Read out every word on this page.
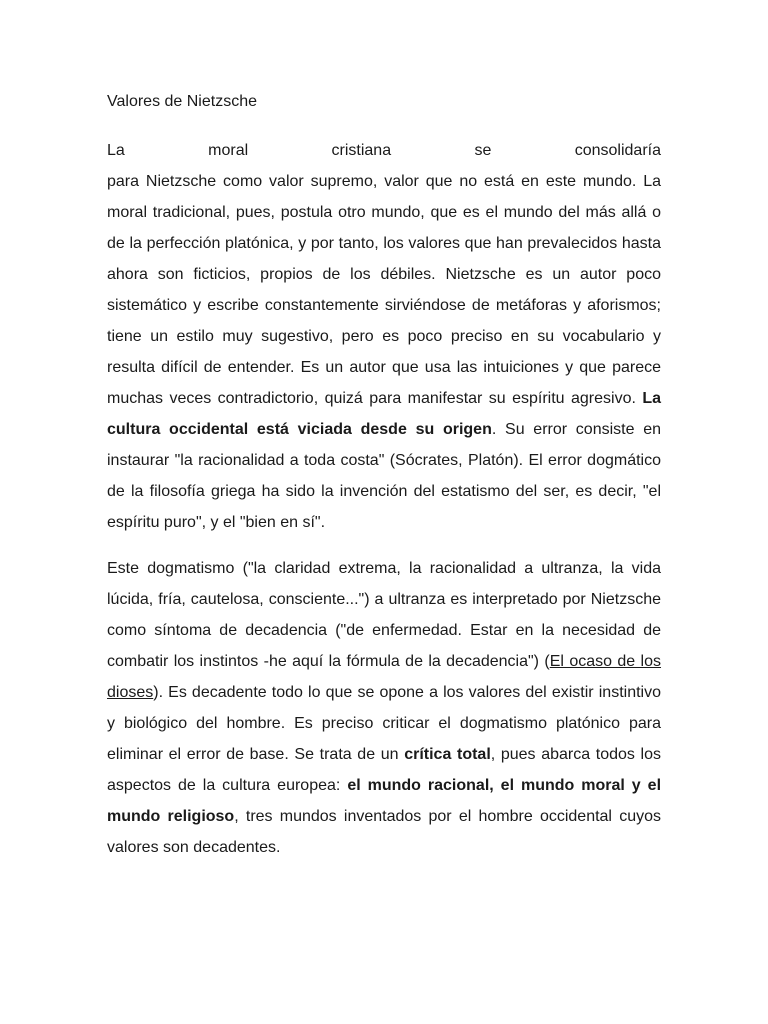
Valores de Nietzsche

La moral cristiana se consolidaría
para Nietzsche como valor supremo, valor que no está en este mundo. La moral tradicional, pues, postula otro mundo, que es el mundo del más allá o de la perfección platónica, y por tanto, los valores que han prevalecidos hasta ahora son ficticios, propios de los débiles. Nietzsche es un autor poco sistemático y escribe constantemente sirviéndose de metáforas y aforismos; tiene un estilo muy sugestivo, pero es poco preciso en su vocabulario y resulta difícil de entender. Es un autor que usa las intuiciones y que parece muchas veces contradictorio, quizá para manifestar su espíritu agresivo. La cultura occidental está viciada desde su origen. Su error consiste en instaurar "la racionalidad a toda costa" (Sócrates, Platón). El error dogmático de la filosofía griega ha sido la invención del estatismo del ser, es decir, "el espíritu puro", y el "bien en sí".

Este dogmatismo ("la claridad extrema, la racionalidad a ultranza, la vida lúcida, fría, cautelosa, consciente...") a ultranza es interpretado por Nietzsche como síntoma de decadencia ("de enfermedad. Estar en la necesidad de combatir los instintos -he aquí la fórmula de la decadencia") (El ocaso de los dioses). Es decadente todo lo que se opone a los valores del existir instintivo y biológico del hombre. Es preciso criticar el dogmatismo platónico para eliminar el error de base. Se trata de un crítica total, pues abarca todos los aspectos de la cultura europea: el mundo racional, el mundo moral y el mundo religioso, tres mundos inventados por el hombre occidental cuyos valores son decadentes.
